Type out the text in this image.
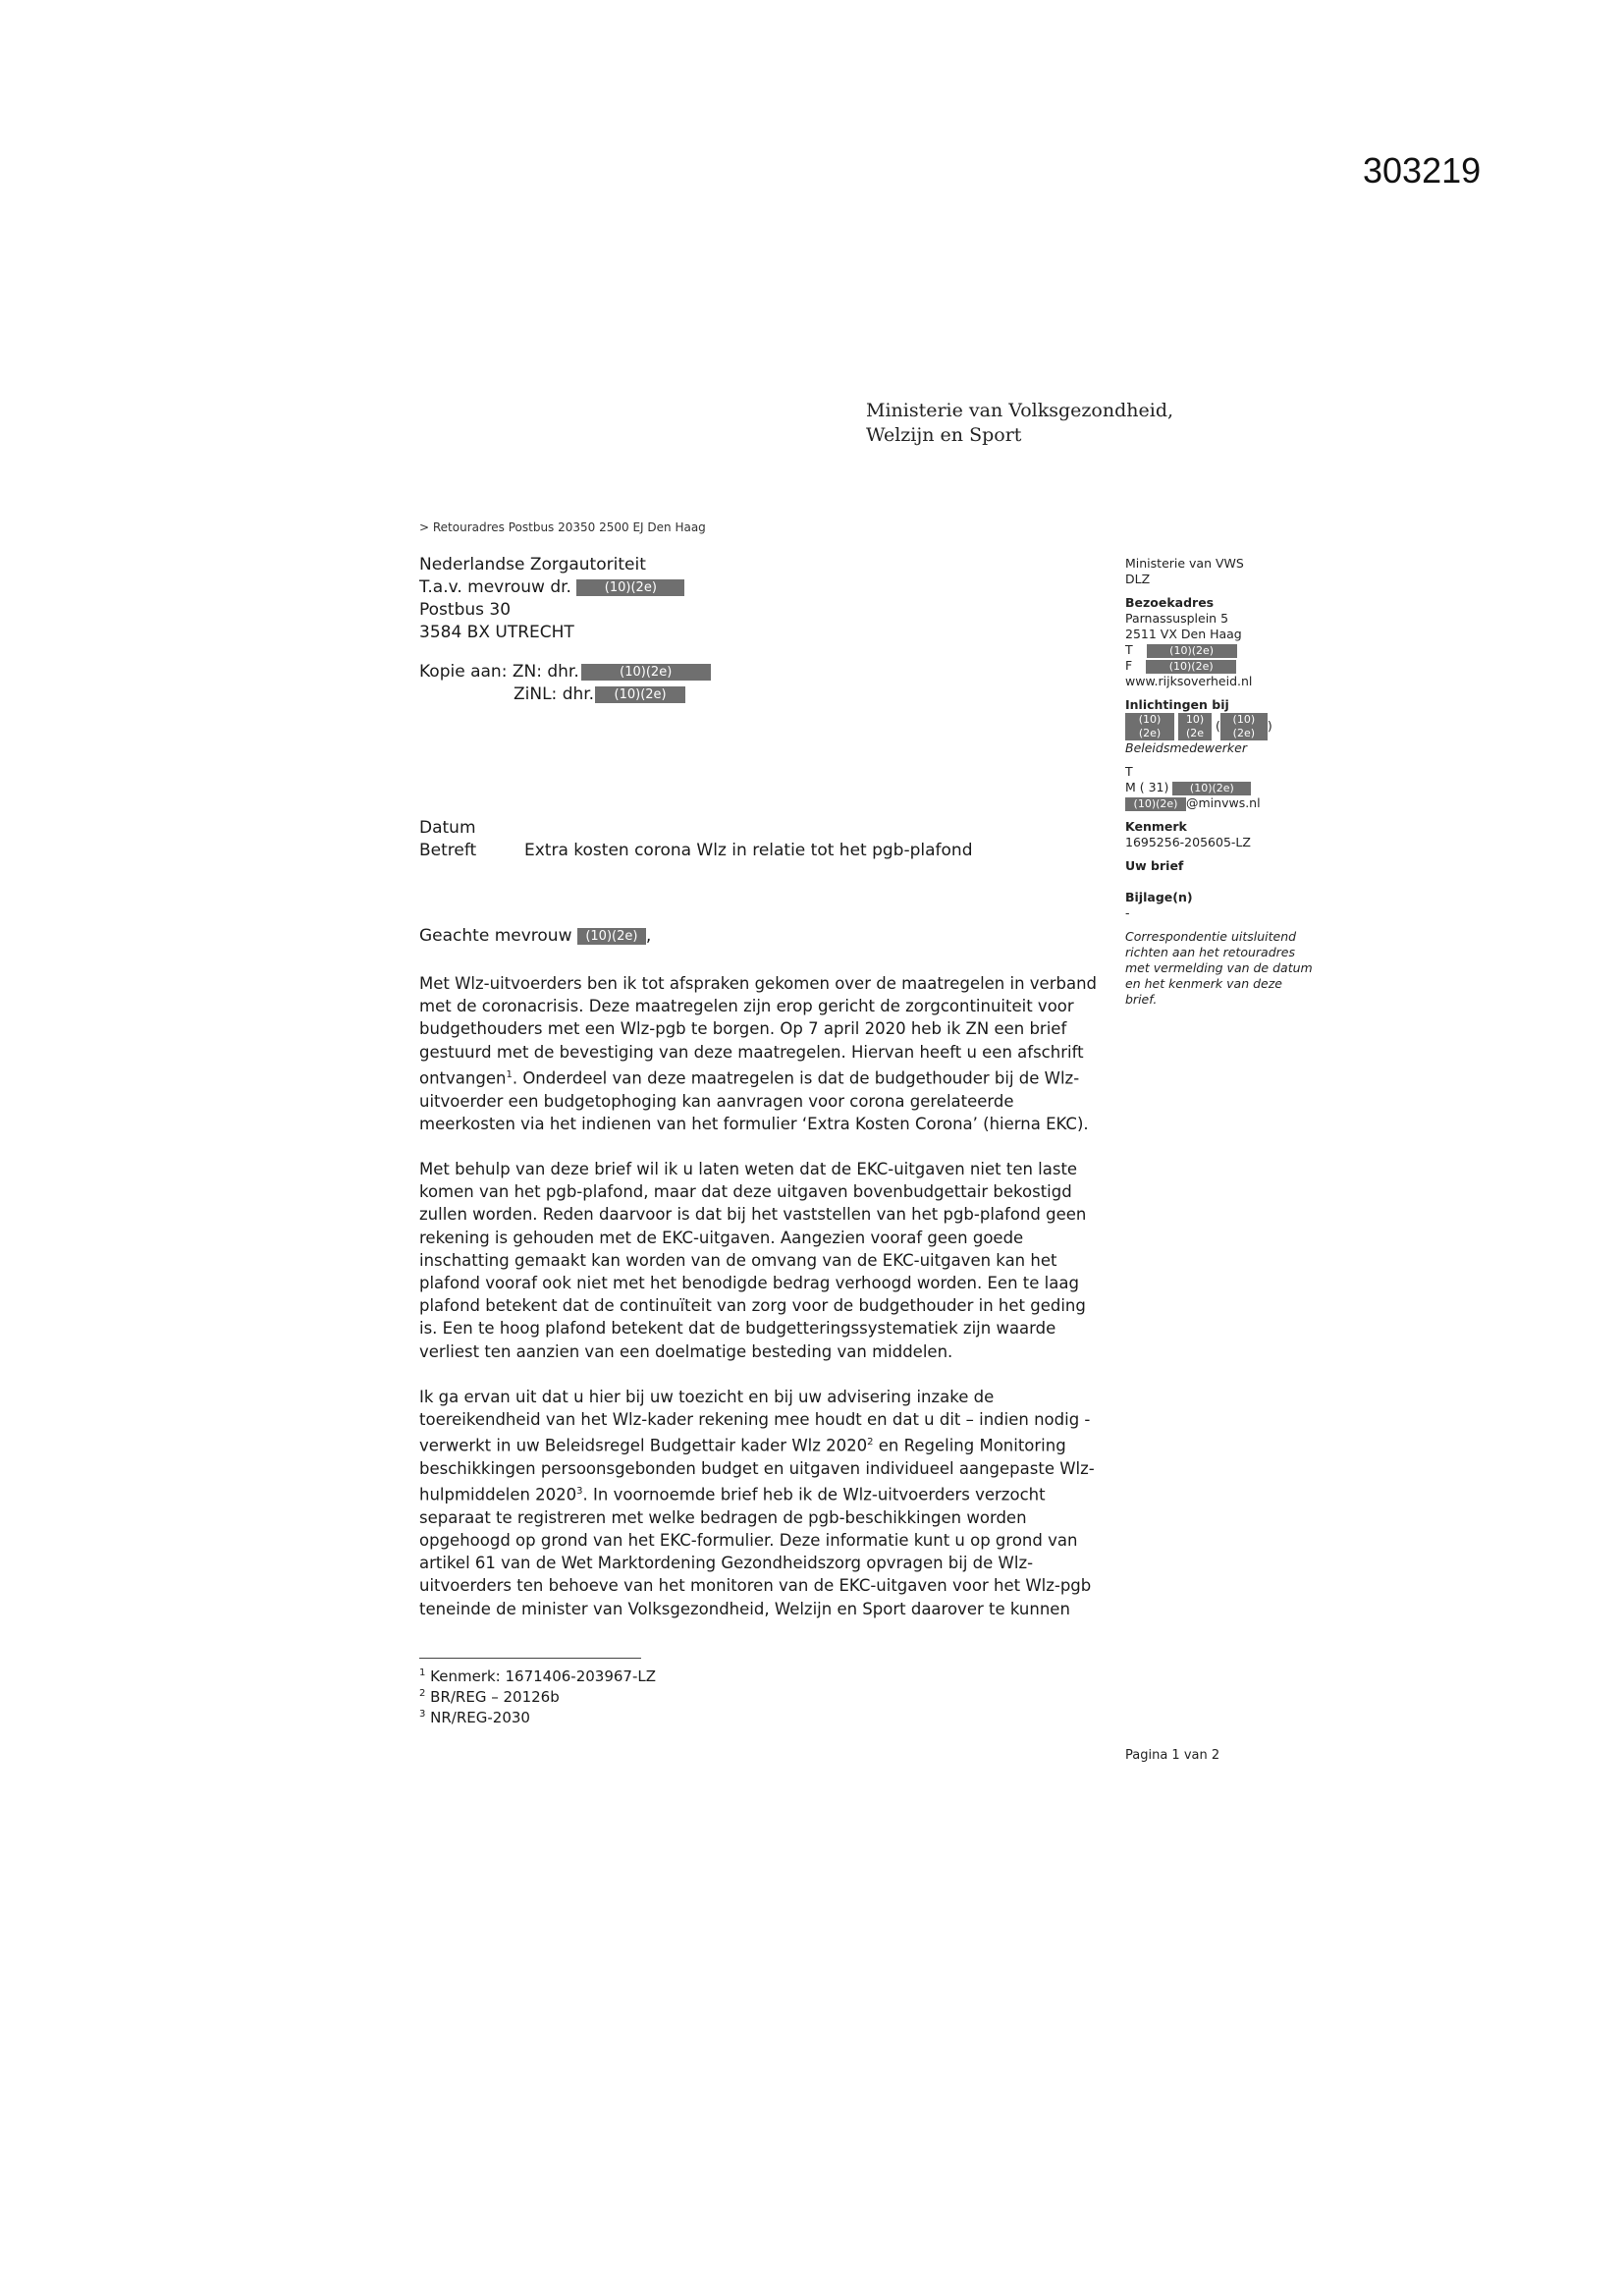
303219
Ministerie van Volksgezondheid,
Welzijn en Sport
> Retouradres Postbus 20350 2500 EJ Den Haag
Nederlandse Zorgautoriteit
T.a.v. mevrouw dr.	(10)(2e)
Postbus 30
3584 BX UTRECHT
Kopie aan: ZN: dhr.	(10)(2e)
ZiNL: dhr. (10)(2e)
Datum
Betreft	Extra kosten corona Wlz in relatie tot het pgb-plafond
Geachte mevrouw (10)(2e) ,

Met Wlz-uitvoerders ben ik tot afspraken gekomen over de maatregelen in verband met de coronacrisis. Deze maatregelen zijn erop gericht de zorgcontinuiteit voor budgethouders met een Wlz-pgb te borgen. Op 7 april 2020 heb ik ZN een brief gestuurd met de bevestiging van deze maatregelen. Hiervan heeft u een afschrift ontvangen$^1$. Onderdeel van deze maatregelen is dat de budgethouder bij de Wlz-uitvoerder een budgetophoging kan aanvragen voor corona gerelateerde meerkosten via het indienen van het formulier ‘Extra Kosten Corona’ (hierna EKC).

Met behulp van deze brief wil ik u laten weten dat de EKC-uitgaven niet ten laste komen van het pgb-plafond, maar dat deze uitgaven bovenbudgettair bekostigd zullen worden. Reden daarvoor is dat bij het vaststellen van het pgb-plafond geen rekening is gehouden met de EKC-uitgaven. Aangezien vooraf geen goede inschatting gemaakt kan worden van de omvang van de EKC-uitgaven kan het plafond vooraf ook niet met het benodigde bedrag verhoogd worden. Een te laag plafond betekent dat de continuïteit van zorg voor de budgethouder in het geding is. Een te hoog plafond betekent dat de budgetteringssystematiek zijn waarde verliest ten aanzien van een doelmatige besteding van middelen.

Ik ga ervan uit dat u hier bij uw toezicht en bij uw advisering inzake de toereikendheid van het Wlz-kader rekening mee houdt en dat u dit – indien nodig - verwerkt in uw Beleidsregel Budgettair kader Wlz 2020$^2$ en Regeling Monitoring beschikkingen persoonsgebonden budget en uitgaven individueel aangepaste Wlz-hulpmiddelen 2020$^3$. In voornoemde brief heb ik de Wlz-uitvoerders verzocht separaat te registreren met welke bedragen de pgb-beschikkingen worden opgehoogd op grond van het EKC-formulier. Deze informatie kunt u op grond van artikel 61 van de Wet Marktordening Gezondheidszorg opvragen bij de Wlz-uitvoerders ten behoeve van het monitoren van de EKC-uitgaven voor het Wlz-pgb teneinde de minister van Volksgezondheid, Welzijn en Sport daarover te kunnen

$^1$ Kenmerk: 1671406-203967-LZ
$^2$ BR/REG – 20126b
$^3$ NR/REG-2030
Ministerie van VWS
DLZ
Bezoekadres
Parnassusplein 5
2511 VX Den Haag
T	(10)(2e)
F	(10)(2e)
www.rijksoverheid.nl
Inlichtingen bij
(10)(2e) 10)(2e ( (10)(2e) )
Beleidsmedewerker
T
M ( 31) (10)(2e)
(10)(2e) @minvws.nl
Kenmerk
1695256-205605-LZ
Uw brief
Bijlage(n)
-
Correspondentie uitsluitend richten aan het retouradres met vermelding van de datum en het kenmerk van deze brief.
Pagina 1 van 2
